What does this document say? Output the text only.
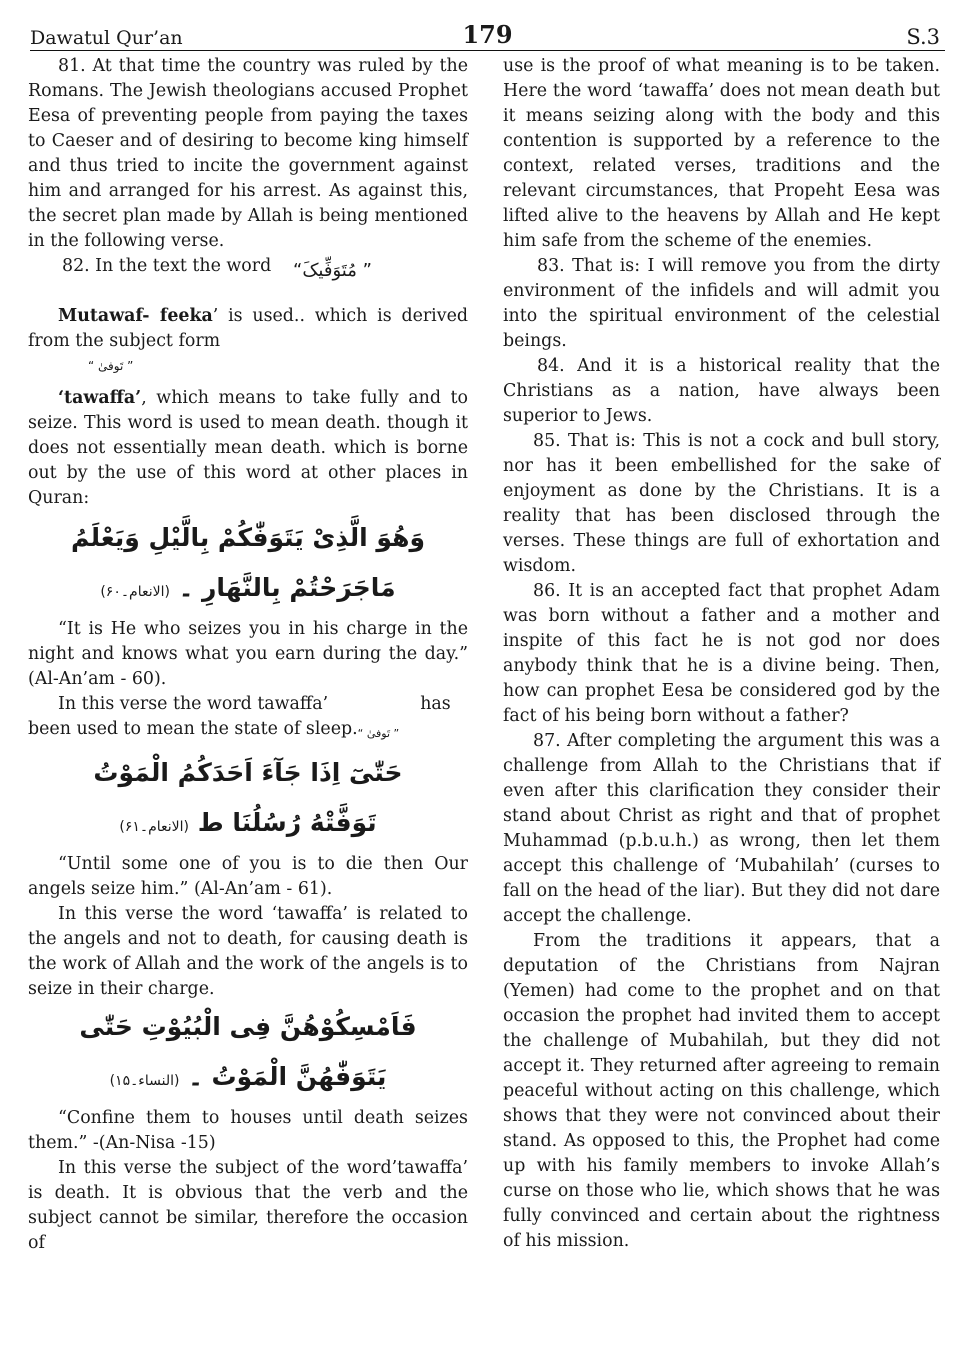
Dawatul Qur’an	179	S.3

81. At that time the country was ruled by the Romans. The Jewish theologians accused Prophet Eesa of preventing people from paying the taxes to Caeser and of desiring to become king himself and thus tried to incite the government against him and arranged for his arrest. As against this, the secret plan made by Allah is being mentioned in the following verse.

82. In the text the word ” مُتَوَفِّيکَ“

Mutawaf- feeka’ is used.. which is derived from the subject form
” تَوفیٰ “

‘tawaffa’, which means to take fully and to seize. This word is used to mean death. though it does not essentially mean death. which is borne out by the use of this word at other places in Quran:

وَهُوَ الَّذِىْ يَتَوَفّٰكُمْ بِالَّيْلِ وَيَعْلَمُ

مَاجَرَحْتُمْ بِالنَّهَارِ ۔ (الانعام۔۶۰)

“It is He who seizes you in his charge in the night and knows what you earn during the day.” (Al-An’am - 60).

In this verse the word tawaffa’	has
been used to mean the state of sleep.” تَوفیٰ “

حَتّٰىٓ اِذَا جَآءَ اَحَدَكُمُ الْمَوْتُ

تَوَفَّتْهُ رُسُلُنَا ط (الانعام۔۶۱)

“Until some one of you is to die then Our angels seize him.” (Al-An’am - 61).

In this verse the word ‘tawaffa’ is related to the angels and not to death, for causing death is the work of Allah and the work of the angels is to seize in their charge.

فَاَمْسِكُوْهُنَّ فِى الْبُيُوْتِ حَتّٰى

يَتَوَفّٰهُنَّ الْمَوْتُ ۔ (النساء۔۱۵)

“Confine them to houses until death seizes them.” -(An-Nisa -15)

In this verse the subject of the word’tawaffa’ is death. It is obvious that the verb and the subject cannot be similar, therefore the occasion of

use is the proof of what meaning is to be taken. Here the word ‘tawaffa’ does not mean death but it means seizing along with the body and this contention is supported by a reference to the context, related verses, traditions and the relevant circumstances, that Propeht Eesa was lifted alive to the heavens by Allah and He kept him safe from the scheme of the enemies.

83. That is: I will remove you from the dirty environment of the infidels and will admit you into the spiritual environment of the celestial beings.

84. And it is a historical reality that the Christians as a nation, have always been superior to Jews.

85. That is: This is not a cock and bull story, nor has it been embellished for the sake of enjoyment as done by the Christians. It is a reality that has been disclosed through the verses. These things are full of exhortation and wisdom.

86. It is an accepted fact that prophet Adam was born without a father and a mother and inspite of this fact he is not god nor does anybody think that he is a divine being. Then, how can prophet Eesa be considered god by the fact of his being born without a father?

87. After completing the argument this was a challenge from Allah to the Christians that if even after this clarification they consider their stand about Christ as right and that of prophet Muhammad (p.b.u.h.) as wrong, then let them accept this challenge of ‘Mubahilah’ (curses to fall on the head of the liar). But they did not dare accept the challenge.

From the traditions it appears, that a deputation of the Christians from Najran (Yemen) had come to the prophet and on that occasion the prophet had invited them to accept the challenge of Mubahilah, but they did not accept it. They returned after agreeing to remain peaceful without acting on this challenge, which shows that they were not convinced about their stand. As opposed to this, the Prophet had come up with his family members to invoke Allah’s curse on those who lie, which shows that he was fully convinced and certain about the rightness of his mission.
